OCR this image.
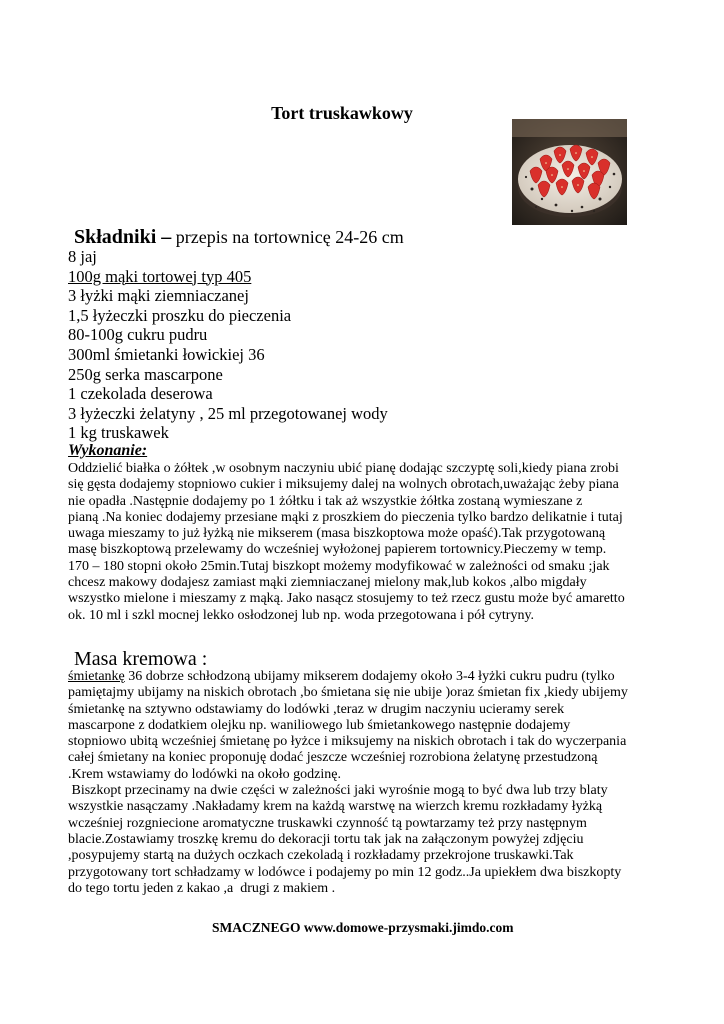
Tort truskawkowy
Składniki – przepis na tortownicę 24-26 cm
8 jaj
100g mąki tortowej typ 405
3 łyżki mąki ziemniaczanej
1,5 łyżeczki proszku do pieczenia
80-100g cukru pudru
300ml śmietanki łowickiej 36
250g serka mascarpone
1 czekolada deserowa
3 łyżeczki żelatyny , 25 ml przegotowanej wody
1 kg truskawek
Wykonanie:
Oddzielić białka o żółtek ,w osobnym naczyniu ubić pianę dodając szczyptę soli,kiedy piana zrobi
się gęsta dodajemy stopniowo cukier i miksujemy dalej na wolnych obrotach,uważając żeby piana
nie opadła .Następnie dodajemy po 1 żółtku i tak aż wszystkie żółtka zostaną wymieszane z
pianą .Na koniec dodajemy przesiane mąki z proszkiem do pieczenia tylko bardzo delikatnie i tutaj
uwaga mieszamy to już łyżką nie mikserem (masa biszkoptowa może opaść).Tak przygotowaną
masę biszkoptową przelewamy do wcześniej wyłożonej papierem tortownicy.Pieczemy w temp.
170 – 180 stopni około 25min.Tutaj biszkopt możemy modyfikować w zależności od smaku ;jak
chcesz makowy dodajesz zamiast mąki ziemniaczanej mielony mak,lub kokos ,albo migdały
wszystko mielone i mieszamy z mąką. Jako nasącz stosujemy to też rzecz gustu może być amaretto
ok. 10 ml i szkl mocnej lekko osłodzonej lub np. woda przegotowana i pół cytryny.
Masa kremowa :
śmietankę 36 dobrze schłodzoną ubijamy mikserem dodajemy około 3-4 łyżki cukru pudru (tylko
pamiętajmy ubijamy na niskich obrotach ,bo śmietana się nie ubije )oraz śmietan fix ,kiedy ubijemy
śmietankę na sztywno odstawiamy do lodówki ,teraz w drugim naczyniu ucieramy serek
mascarpone z dodatkiem olejku np. waniliowego lub śmietankowego następnie dodajemy
stopniowo ubitą wcześniej śmietanę po łyżce i miksujemy na niskich obrotach i tak do wyczerpania
całej śmietany na koniec proponuję dodać jeszcze wcześniej rozrobiona żelatynę przestudzoną
.Krem wstawiamy do lodówki na około godzinę.
Biszkopt przecinamy na dwie części w zależności jaki wyrośnie mogą to być dwa lub trzy blaty
wszystkie nasączamy .Nakładamy krem na każdą warstwę na wierzch kremu rozkładamy łyżką
wcześniej rozgniecione aromatyczne truskawki czynność tą powtarzamy też przy następnym
blacie.Zostawiamy troszkę kremu do dekoracji tortu tak jak na załączonym powyżej zdjęciu
,posypujemy startą na dużych oczkach czekoladą i rozkładamy przekrojone truskawki.Tak
przygotowany tort schładzamy w lodówce i podajemy po min 12 godz..Ja upiekłem dwa biszkopty
do tego tortu jeden z kakao ,a  drugi z makiem .
SMACZNEGO www.domowe-przysmaki.jimdo.com
